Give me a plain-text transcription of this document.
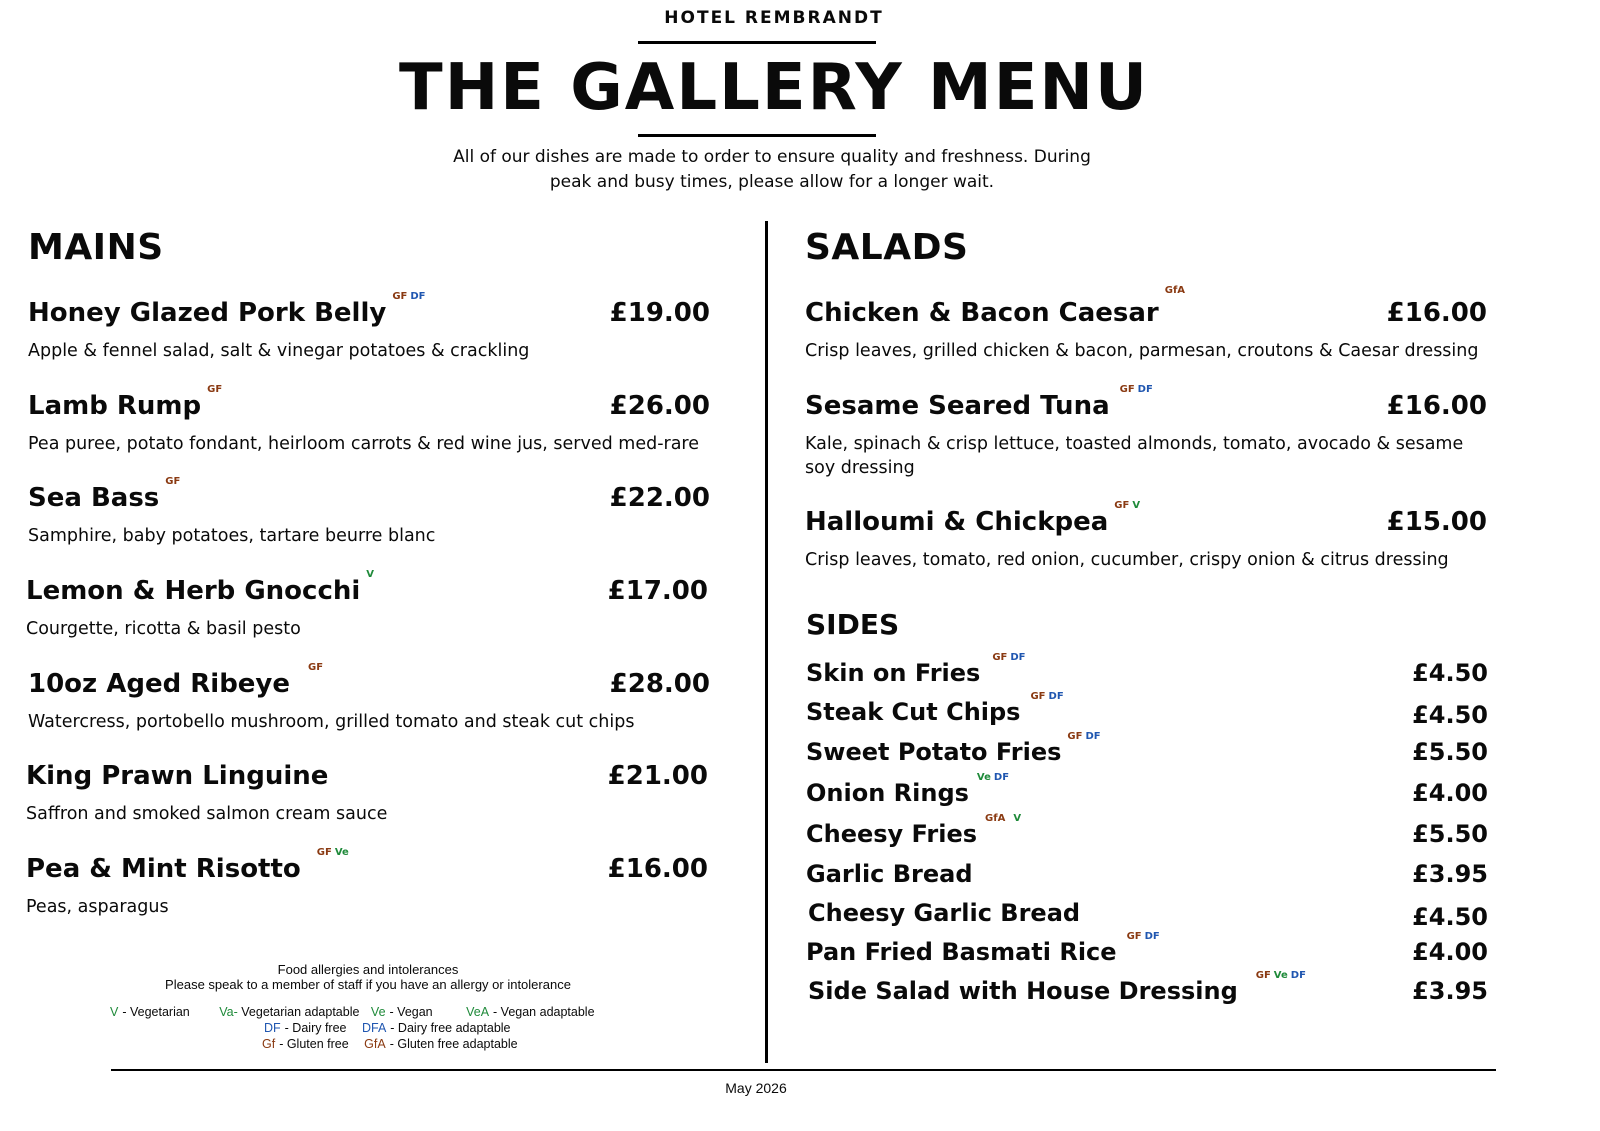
HOTEL REMBRANDT
THE GALLERY MENU
All of our dishes are made to order to ensure quality and freshness. During
peak and busy times, please allow for a longer wait.
MAINS
Honey Glazed Pork BellyGF DF
£19.00
Apple & fennel salad, salt & vinegar potatoes & crackling
Lamb RumpGF
£26.00
Pea puree, potato fondant, heirloom carrots & red wine jus, served med-rare
Sea BassGF
£22.00
Samphire, baby potatoes, tartare beurre blanc
Lemon & Herb GnocchiV
£17.00
Courgette, ricotta & basil pesto
10oz Aged RibeyeGF
£28.00
Watercress, portobello mushroom, grilled tomato and steak cut chips
King Prawn Linguine	£21.00
Saffron and smoked salmon cream sauce
Pea & Mint RisottoGF Ve
£16.00
Peas, asparagus
SALADS
Chicken & Bacon CaesarGfA
£16.00
Crisp leaves, grilled chicken & bacon, parmesan, croutons & Caesar dressing
Sesame Seared TunaGF DF
£16.00
Kale, spinach & crisp lettuce, toasted almonds, tomato, avocado & sesame soy dressing
Halloumi & ChickpeaGF V
£15.00
Crisp leaves, tomato, red onion, cucumber, crispy onion & citrus dressing
SIDES
Skin on FriesGF DF
£4.50
Steak Cut ChipsGF DF
£4.50
Sweet Potato FriesGF DF
£5.50
Onion RingsVe DF
£4.00
Cheesy FriesGfA V
£5.50
Garlic Bread	£3.95
Cheesy Garlic Bread	£4.50
Pan Fried Basmati RiceGF DF
£4.00
Side Salad with House DressingGF Ve DF
£3.95
Food allergies and intolerances
Please speak to a member of staff if you have an allergy or intolerance
V - Vegetarian Va- Vegetarian adaptable Ve - Vegan	VeA - Vegan adaptable
DF - Dairy free DFA - Dairy free adaptable
Gf - Gluten free GfA - Gluten free adaptable
May 2026
